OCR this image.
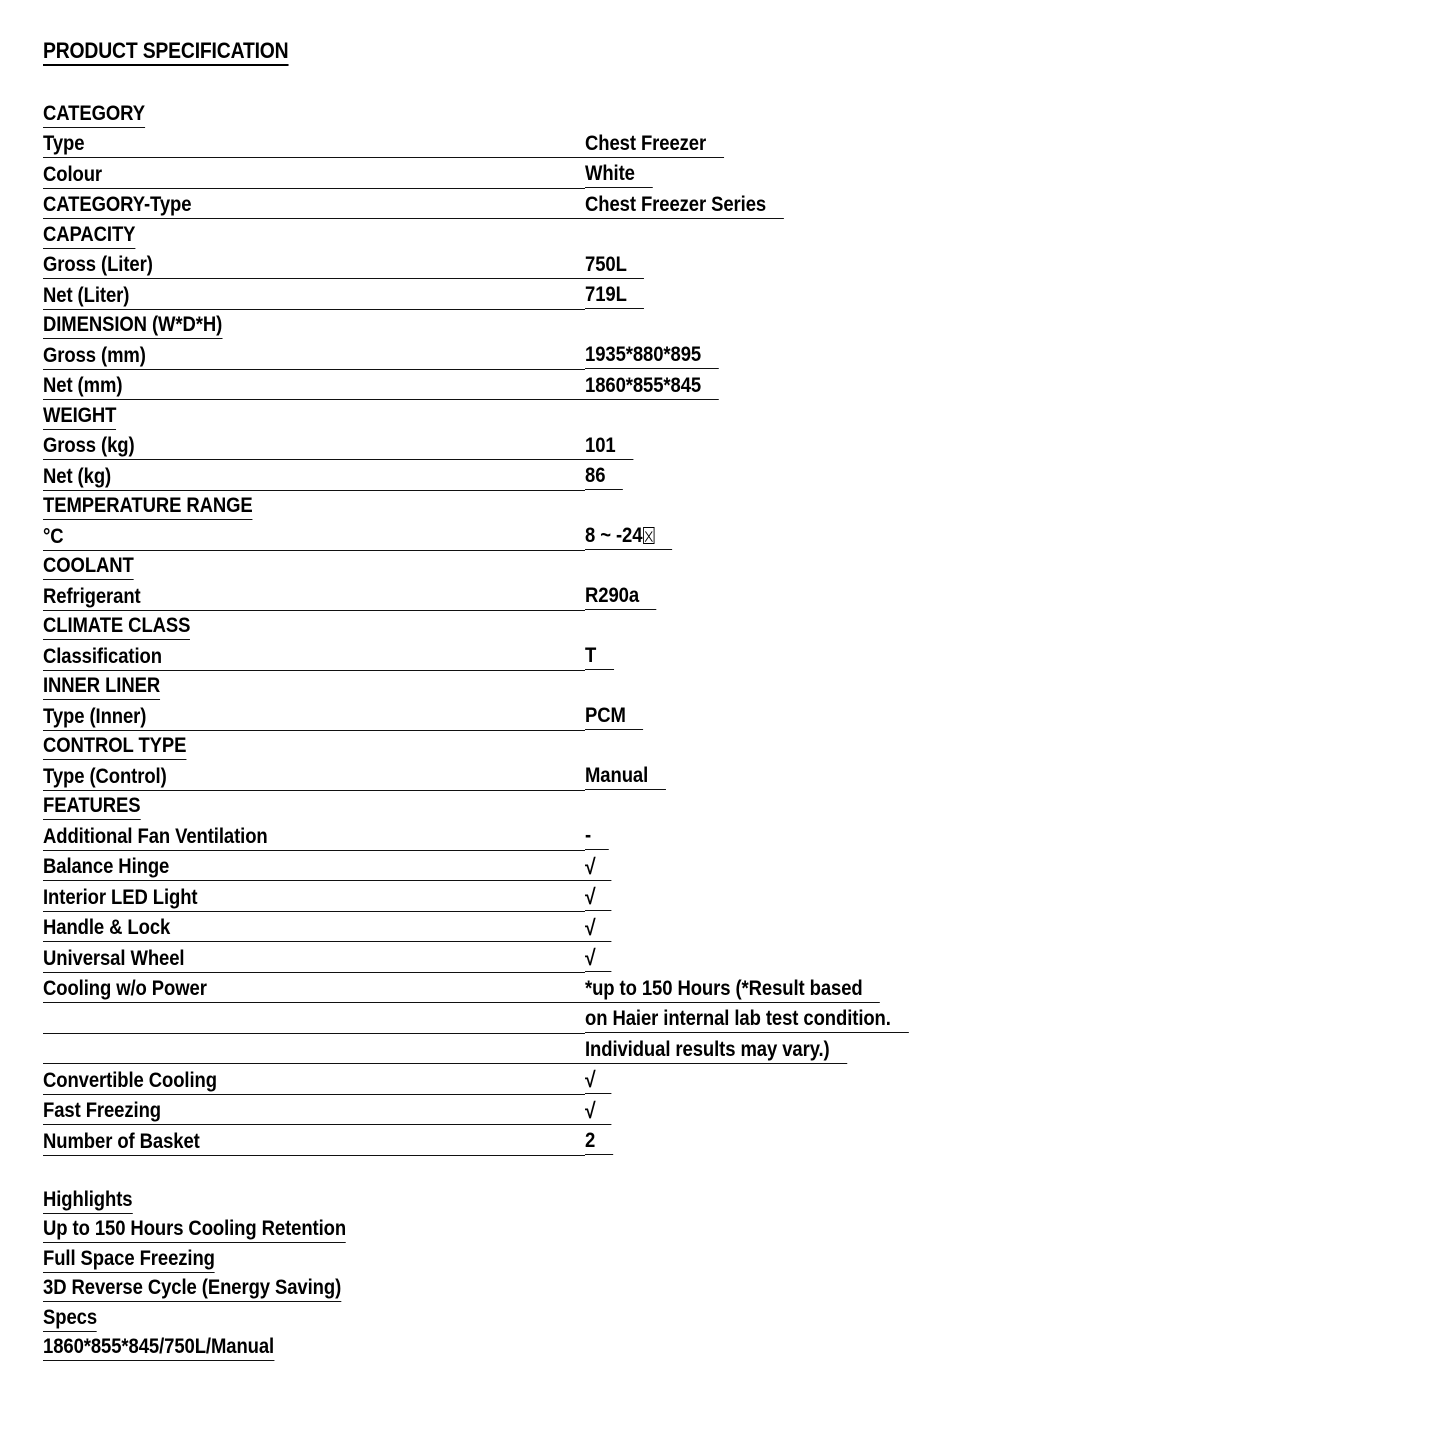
PRODUCT SPECIFICATION
CATEGORY	

Type	Chest Freezer

Colour	White

CATEGORY-Type	Chest Freezer Series
CAPACITY	

Gross (Liter)	750L

Net (Liter)	719L
DIMENSION (W*D*H)	

Gross (mm)	1935*880*895

Net (mm)	1860*855*845
WEIGHT	

Gross (kg)	101

Net (kg)	86
TEMPERATURE RANGE	

°C	8 ~ -24
COOLANT	

Refrigerant	R290a
CLIMATE CLASS	

Classification	T
INNER LINER	

Type (Inner)	PCM
CONTROL TYPE	

Type (Control)	Manual
FEATURES	

Additional Fan Ventilation	-

Balance Hinge	√

Interior LED Light	√

Handle & Lock	√

Universal Wheel	√

Cooling w/o Power	*up to 150 Hours (*Result based

	on Haier internal lab test condition.

	Individual results may vary.)

Convertible Cooling	√

Fast Freezing	√

Number of Basket	2
Highlights
Up to 150 Hours Cooling Retention
Full Space Freezing
3D Reverse Cycle (Energy Saving)
Specs
1860*855*845/750L/Manual
